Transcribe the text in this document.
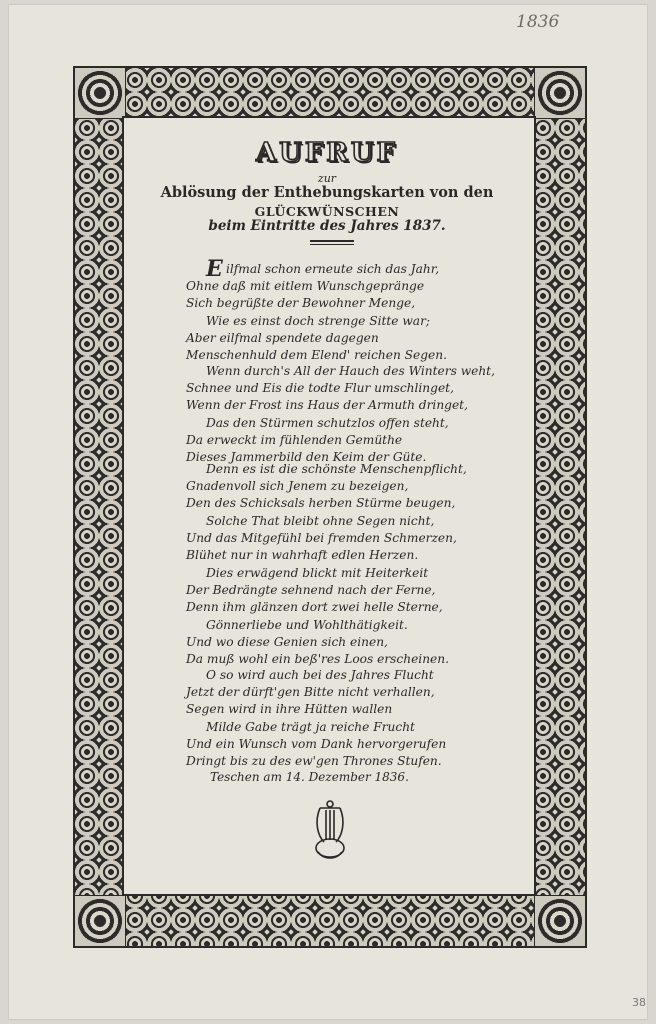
1836
38
AUFRUF
zur
Ablösung der Enthebungskarten von den
GLÜCKWÜNSCHEN
beim Eintritte des Jahres 1837.
E ilfmal schon erneute sich das Jahr,
Ohne daß mit eitlem Wunschgepränge
Sich begrüßte der Bewohner Menge,
Wie es einst doch strenge Sitte war;
Aber eilfmal spendete dagegen
Menschenhuld dem Elend' reichen Segen.
Wenn durch's All der Hauch des Winters weht,
Schnee und Eis die todte Flur umschlinget,
Wenn der Frost ins Haus der Armuth dringet,
Das den Stürmen schutzlos offen steht,
Da erweckt im fühlenden Gemüthe
Dieses Jammerbild den Keim der Güte.
Denn es ist die schönste Menschenpflicht,
Gnadenvoll sich Jenem zu bezeigen,
Den des Schicksals herben Stürme beugen,
Solche That bleibt ohne Segen nicht,
Und das Mitgefühl bei fremden Schmerzen,
Blühet nur in wahrhaft edlen Herzen.
Dies erwägend blickt mit Heiterkeit
Der Bedrängte sehnend nach der Ferne,
Denn ihm glänzen dort zwei helle Sterne,
Gönnerliebe und Wohlthätigkeit.
Und wo diese Genien sich einen,
Da muß wohl ein beß'res Loos erscheinen.
O so wird auch bei des Jahres Flucht
Jetzt der dürft'gen Bitte nicht verhallen,
Segen wird in ihre Hütten wallen
Milde Gabe trägt ja reiche Frucht
Und ein Wunsch vom Dank hervorgerufen
Dringt bis zu des ew'gen Thrones Stufen.
Teschen am 14. Dezember 1836.
